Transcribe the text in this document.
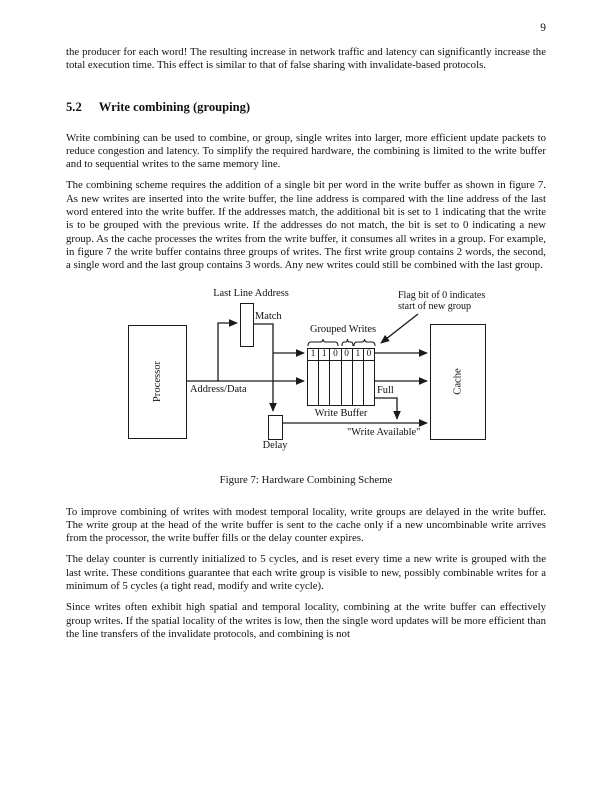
9

the producer for each word! The resulting increase in network traffic and latency can significantly increase the total execution time. This effect is similar to that of false sharing with invalidate-based protocols.

5.2 Write combining (grouping)

Write combining can be used to combine, or group, single writes into larger, more efficient update packets to reduce congestion and latency. To simplify the required hardware, the combining is limited to the write buffer and to sequential writes to the same memory line.

The combining scheme requires the addition of a single bit per word in the write buffer as shown in figure 7. As new writes are inserted into the write buffer, the line address is compared with the line address of the last word entered into the write buffer. If the addresses match, the additional bit is set to 1 indicating that the write is to be grouped with the previous write. If the addresses do not match, the bit is set to 0 indicating a new group. As the cache processes the writes from the write buffer, it consumes all writes in a group. For example, in figure 7 the write buffer contains three groups of writes. The first write group contains 2 words, the second, a single word and the last group contains 3 words. Any new writes could still be combined with the last group.

Processor	Cache
1 1 0 0 1 0
Last Line Address
Match
Grouped Writes
Flag bit of 0 indicates
start of new group
Address/Data	Full
Write Buffer
Delay
"Write Available"
Figure 7: Hardware Combining Scheme

To improve combining of writes with modest temporal locality, write groups are delayed in the write buffer. The write group at the head of the write buffer is sent to the cache only if a new uncombinable write arrives from the processor, the write buffer fills or the delay counter expires.

The delay counter is currently initialized to 5 cycles, and is reset every time a new write is grouped with the last write. These conditions guarantee that each write group is visible to new, possibly combinable writes for a minimum of 5 cycles (a tight read, modify and write cycle).

Since writes often exhibit high spatial and temporal locality, combining at the write buffer can effectively group writes. If the spatial locality of the writes is low, then the single word updates will be more efficient than the line transfers of the invalidate protocols, and combining is not
